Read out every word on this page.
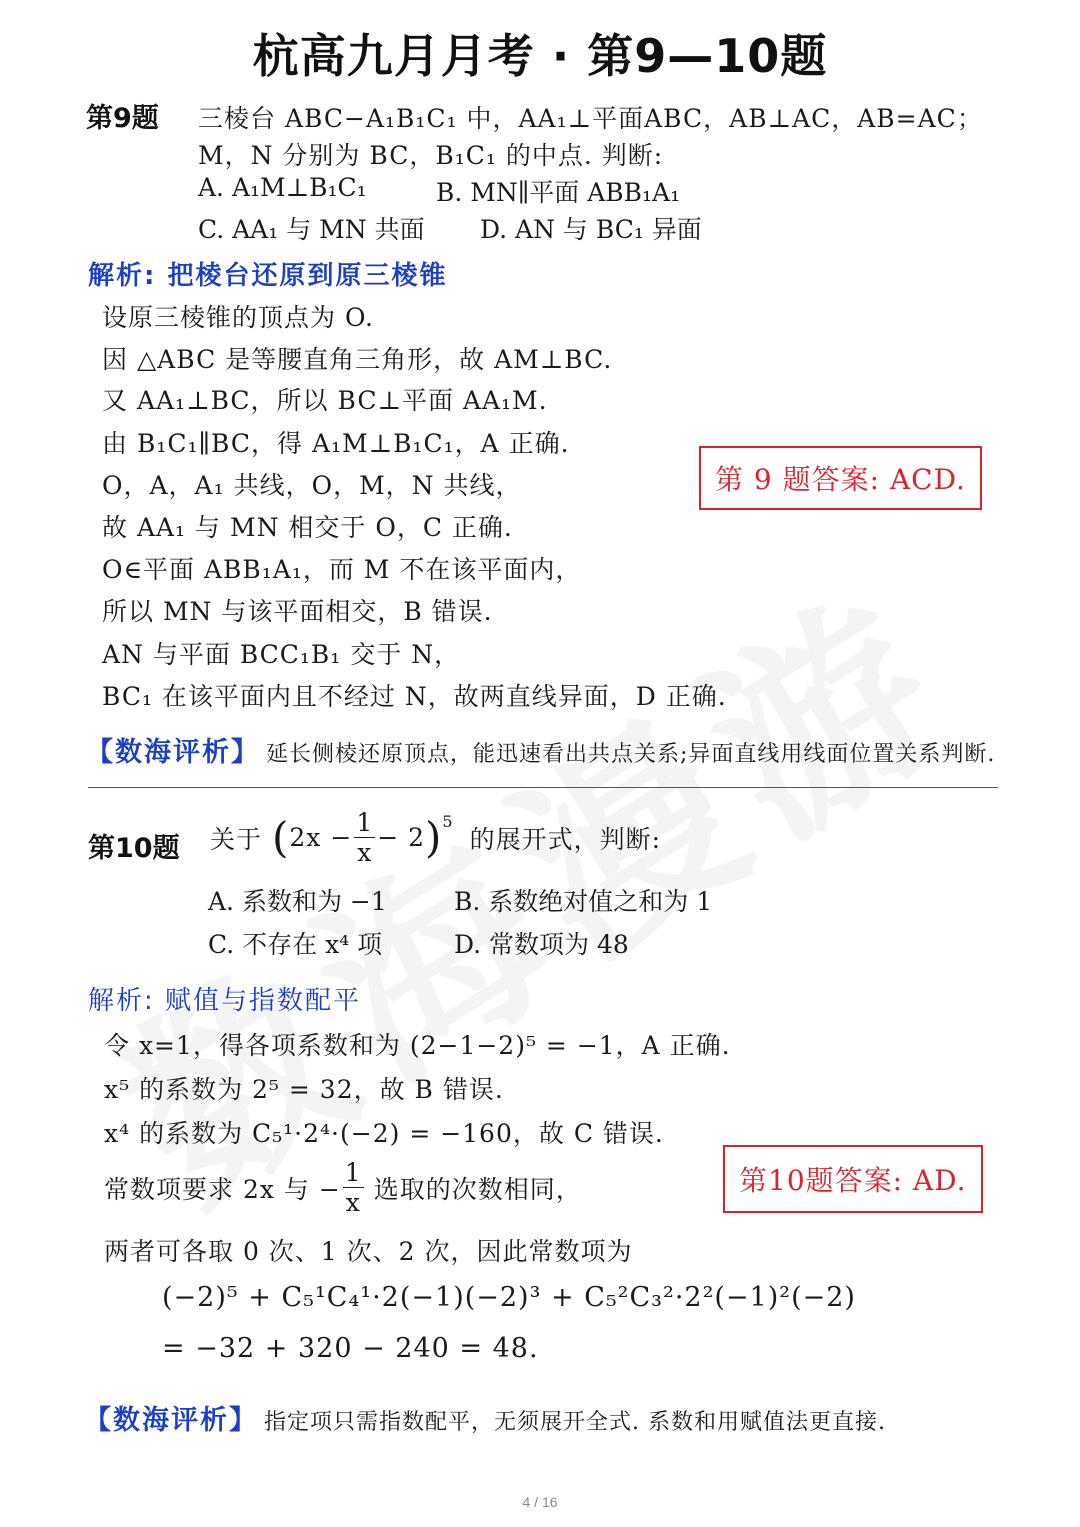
杭高九月月考 · 第9—10题
第9题 三棱台 ABC−A₁B₁C₁ 中，AA₁⊥平面ABC，AB⊥AC，AB=AC；
M，N 分别为 BC，B₁C₁ 的中点. 判断:
A. A₁M⊥B₁C₁	B. MN∥平面 ABB₁A₁
C. AA₁ 与 MN 共面 D. AN 与 BC₁ 异面
解析: 把棱台还原到原三棱锥
设原三棱锥的顶点为 O.
因 △ABC 是等腰直角三角形，故 AM⊥BC.
又 AA₁⊥BC，所以 BC⊥平面 AA₁M.
由 B₁C₁∥BC，得 A₁M⊥B₁C₁，A 正确.
O，A，A₁ 共线，O，M，N 共线，
故 AA₁ 与 MN 相交于 O，C 正确.
O∈平面 ABB₁A₁，而 M 不在该平面内，
所以 MN 与该平面相交，B 错误.
AN 与平面 BCC₁B₁ 交于 N，
BC₁ 在该平面内且不经过 N，故两直线异面，D 正确.
第 9 题答案: ACD.
【数海评析】 延长侧棱还原顶点，能迅速看出共点关系;异面直线用线面位置关系判断.
第10题 关于 ( $2x - \frac{1}{x} - 2$ ) 5
的展开式，判断:
A. 系数和为 −1	B. 系数绝对值之和为 1
C. 不存在 x⁴ 项	D. 常数项为 48
解析: 赋值与指数配平
令 x=1，得各项系数和为 (2−1−2)⁵ = −1，A 正确.
x⁵ 的系数为 2⁵ = 32，故 B 错误.
x⁴ 的系数为 C₅¹·2⁴·(−2) = −160，故 C 错误.
常数项要求 2x 与 − $\frac{1}{x}$ 选取的次数相同，
两者可各取 0 次、1 次、2 次，因此常数项为
(−2)⁵ + C₅¹C₄¹·2(−1)(−2)³ + C₅²C₃²·2²(−1)²(−2)
= −32 + 320 − 240 = 48.
第10题答案: AD.
【数海评析】 指定项只需指数配平，无须展开全式. 系数和用赋值法更直接.
4 / 16
